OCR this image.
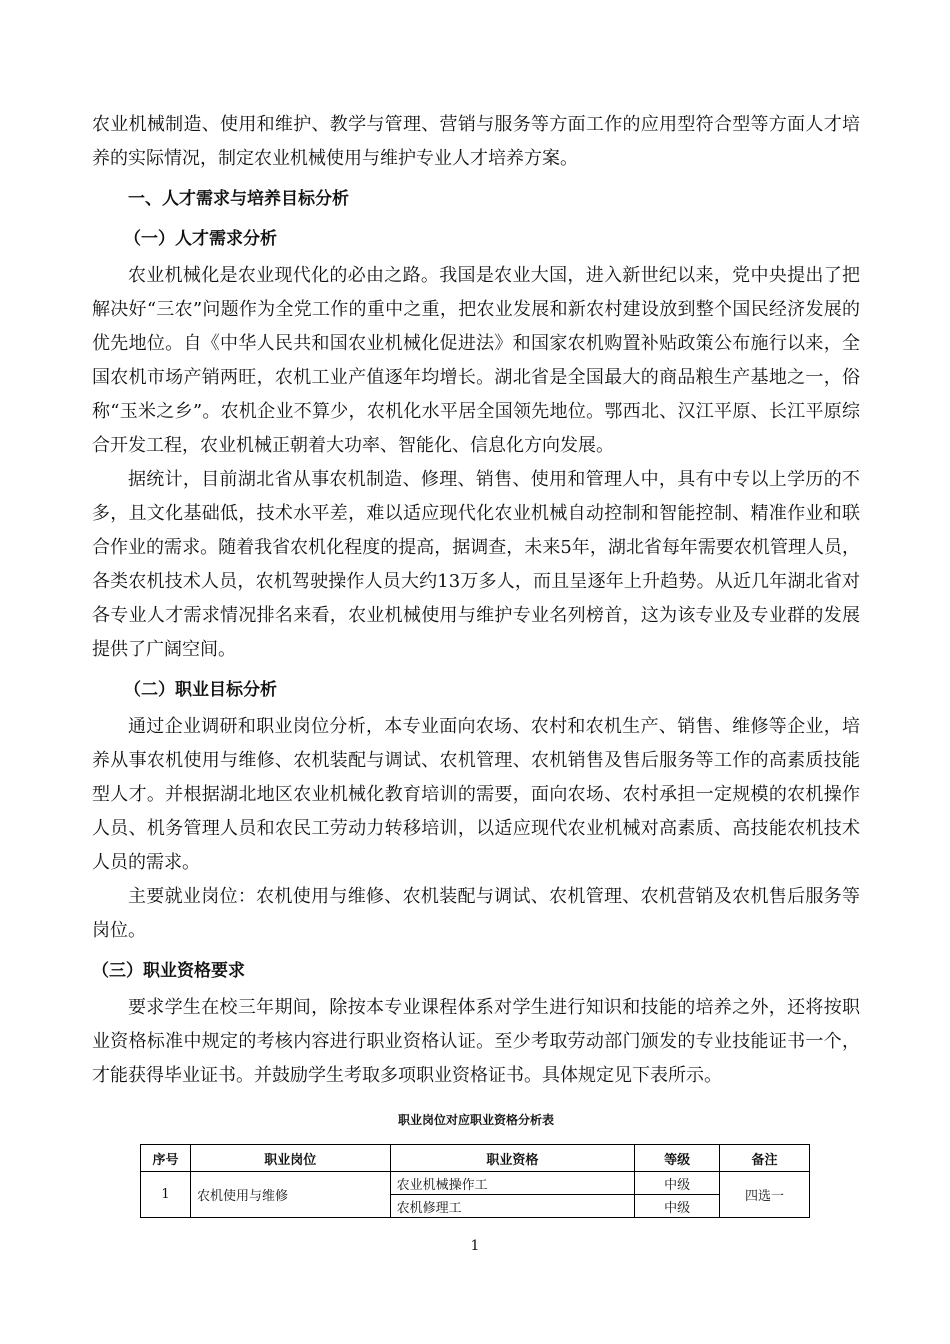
农业机械制造、使用和维护、教学与管理、营销与服务等方面工作的应用型符合型等方面人才培养的实际情况，制定农业机械使用与维护专业人才培养方案。

一、人才需求与培养目标分析

（一）人才需求分析

农业机械化是农业现代化的必由之路。我国是农业大国，进入新世纪以来，党中央提出了把解决好“三农”问题作为全党工作的重中之重，把农业发展和新农村建设放到整个国民经济发展的优先地位。自《中华人民共和国农业机械化促进法》和国家农机购置补贴政策公布施行以来，全国农机市场产销两旺，农机工业产值逐年均增长。湖北省是全国最大的商品粮生产基地之一，俗称“玉米之乡”。农机企业不算少，农机化水平居全国领先地位。鄂西北、汉江平原、长江平原综合开发工程，农业机械正朝着大功率、智能化、信息化方向发展。

据统计，目前湖北省从事农机制造、修理、销售、使用和管理人中，具有中专以上学历的不多，且文化基础低，技术水平差，难以适应现代化农业机械自动控制和智能控制、精准作业和联合作业的需求。随着我省农机化程度的提高，据调查，未来5年，湖北省每年需要农机管理人员，各类农机技术人员，农机驾驶操作人员大约13万多人，而且呈逐年上升趋势。从近几年湖北省对各专业人才需求情况排名来看，农业机械使用与维护专业名列榜首，这为该专业及专业群的发展提供了广阔空间。

（二）职业目标分析

通过企业调研和职业岗位分析，本专业面向农场、农村和农机生产、销售、维修等企业，培养从事农机使用与维修、农机装配与调试、农机管理、农机销售及售后服务等工作的高素质技能型人才。并根据湖北地区农业机械化教育培训的需要，面向农场、农村承担一定规模的农机操作人员、机务管理人员和农民工劳动力转移培训，以适应现代农业机械对高素质、高技能农机技术人员的需求。

主要就业岗位：农机使用与维修、农机装配与调试、农机管理、农机营销及农机售后服务等岗位。

（三）职业资格要求

要求学生在校三年期间，除按本专业课程体系对学生进行知识和技能的培养之外，还将按职业资格标准中规定的考核内容进行职业资格认证。至少考取劳动部门颁发的专业技能证书一个，才能获得毕业证书。并鼓励学生考取多项职业资格证书。具体规定见下表所示。

职业岗位对应职业资格分析表

序号	职业岗位	职业资格	等级	备注
1	农机使用与维修	农业机械操作工	中级	四选一
		农机修理工	中级	
1
